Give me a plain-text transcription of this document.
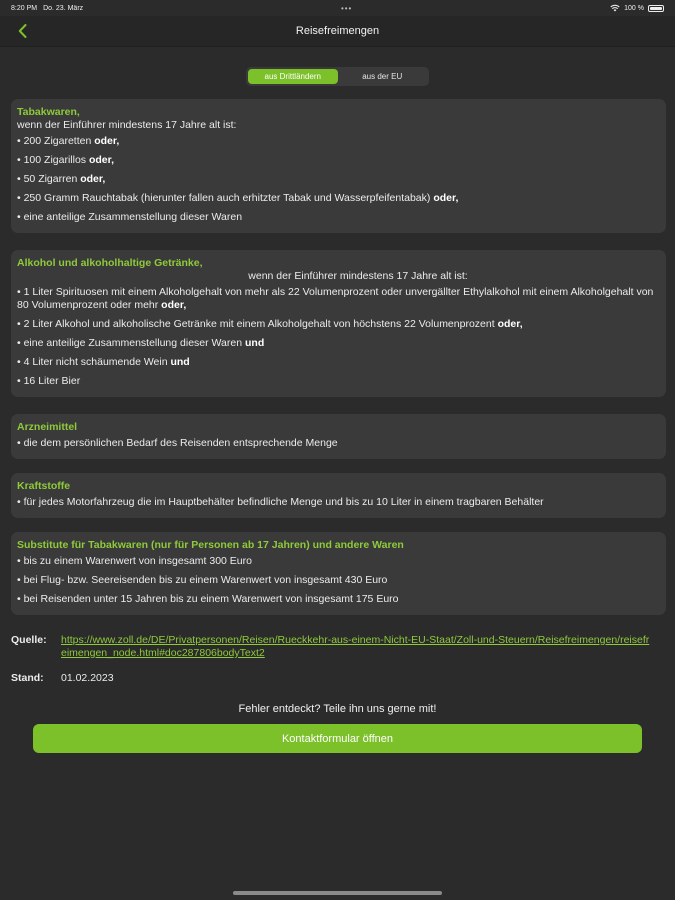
8:20 PM Do. 23. März	•••	100 %
Reisefreimengen
aus Drittländern	aus der EU
Tabakwaren,
wenn der Einführer mindestens 17 Jahre alt ist:
• 200 Zigaretten oder,
• 100 Zigarillos oder,
• 50 Zigarren oder,
• 250 Gramm Rauchtabak (hierunter fallen auch erhitzter Tabak und Wasserpfeifentabak) oder,
• eine anteilige Zusammenstellung dieser Waren
Alkohol und alkoholhaltige Getränke,
wenn der Einführer mindestens 17 Jahre alt ist:
• 1 Liter Spirituosen mit einem Alkoholgehalt von mehr als 22 Volumenprozent oder unvergällter Ethylalkohol mit einem Alkoholgehalt von 80 Volumenprozent oder mehr oder,
• 2 Liter Alkohol und alkoholische Getränke mit einem Alkoholgehalt von höchstens 22 Volumenprozent oder,
• eine anteilige Zusammenstellung dieser Waren und
• 4 Liter nicht schäumende Wein und
• 16 Liter Bier
Arzneimittel
• die dem persönlichen Bedarf des Reisenden entsprechende Menge
Kraftstoffe
• für jedes Motorfahrzeug die im Hauptbehälter befindliche Menge und bis zu 10 Liter in einem tragbaren Behälter
Substitute für Tabakwaren (nur für Personen ab 17 Jahren) und andere Waren
• bis zu einem Warenwert von insgesamt 300 Euro
• bei Flug- bzw. Seereisenden bis zu einem Warenwert von insgesamt 430 Euro
• bei Reisenden unter 15 Jahren bis zu einem Warenwert von insgesamt 175 Euro
Quelle: https://www.zoll.de/DE/Privatpersonen/Reisen/Rueckkehr-aus-einem-Nicht-EU-Staat/Zoll-und-Steuern/Reisefreimengen/reisefreimengen_node.html#doc287806bodyText2
Stand: 01.02.2023
Fehler entdeckt? Teile ihn uns gerne mit!
Kontaktformular öffnen
